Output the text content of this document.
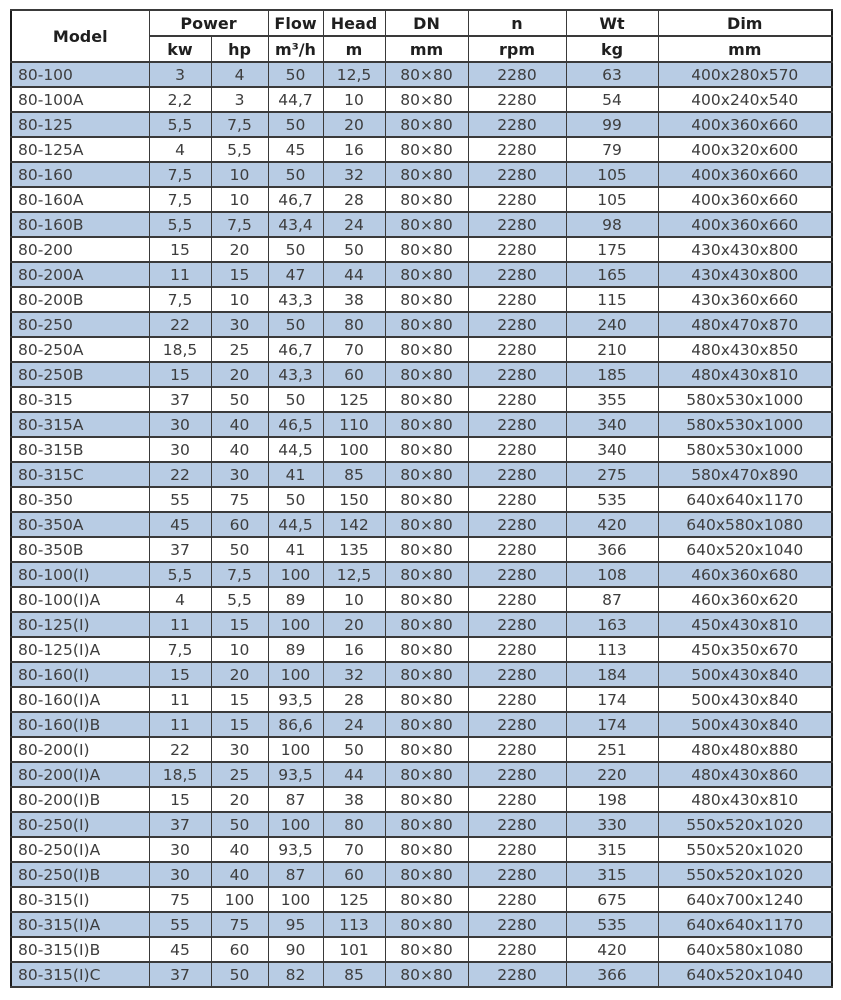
Model	Power		Flow	Head	DN	n	Wt	Dim
	kw	hp	m³/h	m	mm	rpm	kg	mm
80-100	3	4	50	12,5	80×80	2280	63	400x280x570
80-100A	2,2	3	44,7	10	80×80	2280	54	400x240x540
80-125	5,5	7,5	50	20	80×80	2280	99	400x360x660
80-125A	4	5,5	45	16	80×80	2280	79	400x320x600
80-160	7,5	10	50	32	80×80	2280	105	400x360x660
80-160A	7,5	10	46,7	28	80×80	2280	105	400x360x660
80-160B	5,5	7,5	43,4	24	80×80	2280	98	400x360x660
80-200	15	20	50	50	80×80	2280	175	430x430x800
80-200A	11	15	47	44	80×80	2280	165	430x430x800
80-200B	7,5	10	43,3	38	80×80	2280	115	430x360x660
80-250	22	30	50	80	80×80	2280	240	480x470x870
80-250A	18,5	25	46,7	70	80×80	2280	210	480x430x850
80-250B	15	20	43,3	60	80×80	2280	185	480x430x810
80-315	37	50	50	125	80×80	2280	355	580x530x1000
80-315A	30	40	46,5	110	80×80	2280	340	580x530x1000
80-315B	30	40	44,5	100	80×80	2280	340	580x530x1000
80-315C	22	30	41	85	80×80	2280	275	580x470x890
80-350	55	75	50	150	80×80	2280	535	640x640x1170
80-350A	45	60	44,5	142	80×80	2280	420	640x580x1080
80-350B	37	50	41	135	80×80	2280	366	640x520x1040
80-100(I)	5,5	7,5	100	12,5	80×80	2280	108	460x360x680
80-100(I)A	4	5,5	89	10	80×80	2280	87	460x360x620
80-125(I)	11	15	100	20	80×80	2280	163	450x430x810
80-125(I)A	7,5	10	89	16	80×80	2280	113	450x350x670
80-160(I)	15	20	100	32	80×80	2280	184	500x430x840
80-160(I)A	11	15	93,5	28	80×80	2280	174	500x430x840
80-160(I)B	11	15	86,6	24	80×80	2280	174	500x430x840
80-200(I)	22	30	100	50	80×80	2280	251	480x480x880
80-200(I)A	18,5	25	93,5	44	80×80	2280	220	480x430x860
80-200(I)B	15	20	87	38	80×80	2280	198	480x430x810
80-250(I)	37	50	100	80	80×80	2280	330	550x520x1020
80-250(I)A	30	40	93,5	70	80×80	2280	315	550x520x1020
80-250(I)B	30	40	87	60	80×80	2280	315	550x520x1020
80-315(I)	75	100	100	125	80×80	2280	675	640x700x1240
80-315(I)A	55	75	95	113	80×80	2280	535	640x640x1170
80-315(I)B	45	60	90	101	80×80	2280	420	640x580x1080
80-315(I)C	37	50	82	85	80×80	2280	366	640x520x1040
